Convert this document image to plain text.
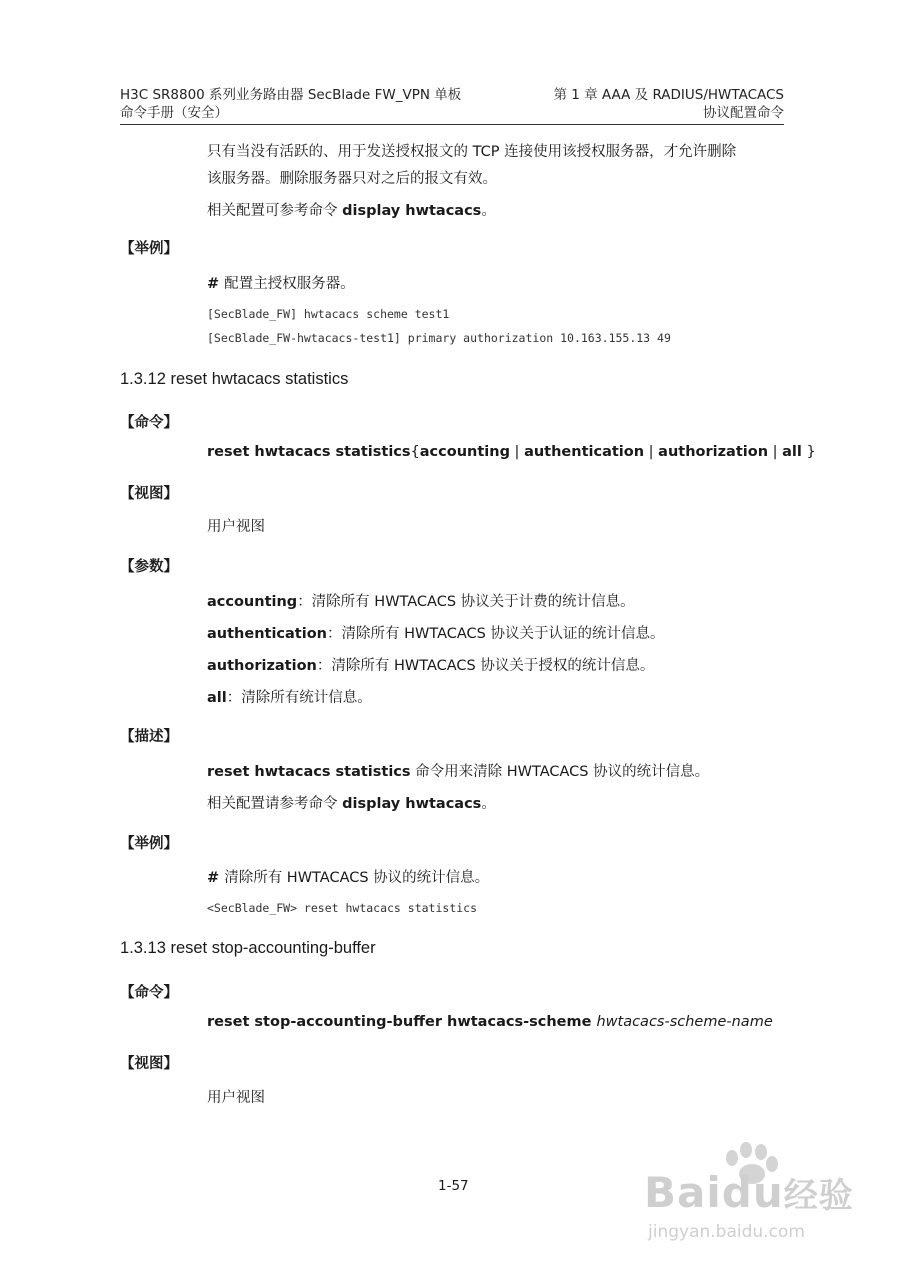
H3C SR8800 系列业务路由器 SecBlade FW_VPN 单板
命令手册（安全）
第 1 章 AAA 及 RADIUS/HWTACACS
协议配置命令
只有当没有活跃的、用于发送授权报文的 TCP 连接使用该授权服务器，才允许删除
该服务器。删除服务器只对之后的报文有效。
相关配置可参考命令 display hwtacacs。
【举例】
# 配置主授权服务器。
[SecBlade_FW] hwtacacs scheme test1
[SecBlade_FW-hwtacacs-test1] primary authorization 10.163.155.13 49
1.3.12 reset hwtacacs statistics
【命令】
reset hwtacacs statistics{accounting | authentication | authorization | all }
【视图】
用户视图
【参数】
accounting：清除所有 HWTACACS 协议关于计费的统计信息。
authentication：清除所有 HWTACACS 协议关于认证的统计信息。
authorization：清除所有 HWTACACS 协议关于授权的统计信息。
all：清除所有统计信息。
【描述】
reset hwtacacs statistics 命令用来清除 HWTACACS 协议的统计信息。
相关配置请参考命令 display hwtacacs。
【举例】
# 清除所有 HWTACACS 协议的统计信息。
<SecBlade_FW> reset hwtacacs statistics
1.3.13 reset stop-accounting-buffer
【命令】
reset stop-accounting-buffer hwtacacs-scheme hwtacacs-scheme-name
【视图】
用户视图
1-57	Baidu经验
jingyan.baidu.com
